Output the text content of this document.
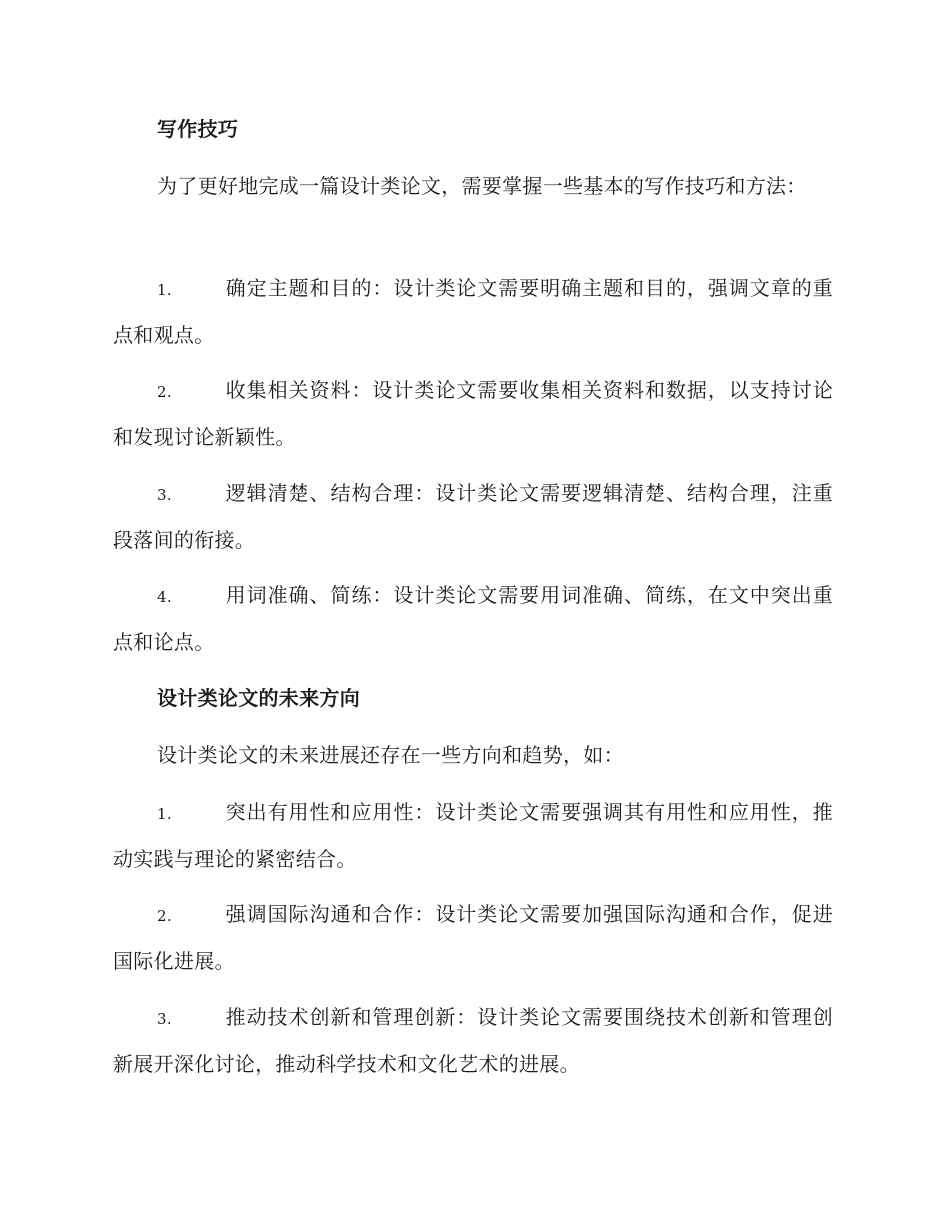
写作技巧
为了更好地完成一篇设计类论文，需要掌握一些基本的写作技巧和方法：
1.	确定主题和目的：设计类论文需要明确主题和目的，强调文章的重点和观点。
2.	收集相关资料：设计类论文需要收集相关资料和数据，以支持讨论和发现讨论新颖性。
3.	逻辑清楚、结构合理：设计类论文需要逻辑清楚、结构合理，注重段落间的衔接。
4.	用词准确、简练：设计类论文需要用词准确、简练，在文中突出重点和论点。
设计类论文的未来方向
设计类论文的未来进展还存在一些方向和趋势，如：
1.	突出有用性和应用性：设计类论文需要强调其有用性和应用性，推动实践与理论的紧密结合。
2.	强调国际沟通和合作：设计类论文需要加强国际沟通和合作，促进国际化进展。
3.	推动技术创新和管理创新：设计类论文需要围绕技术创新和管理创新展开深化讨论，推动科学技术和文化艺术的进展。
